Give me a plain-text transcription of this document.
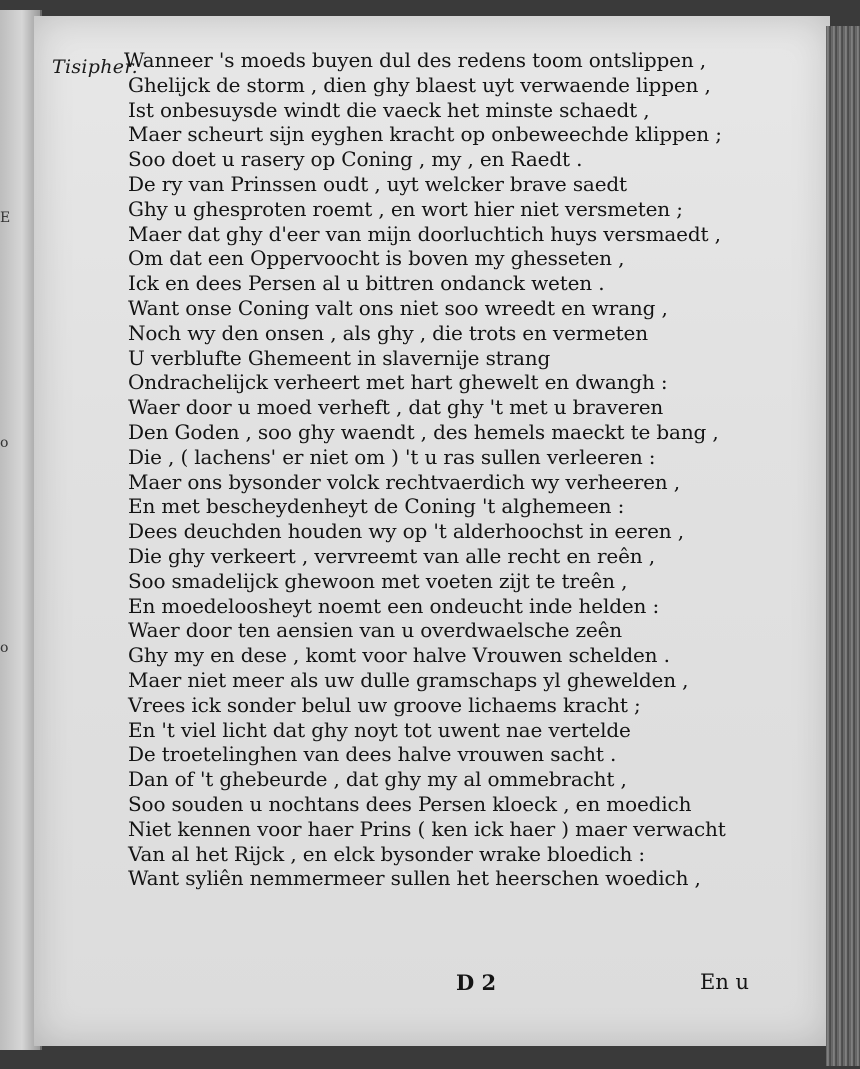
E
o
o
Tisipher.
Wanneer 's moeds buyen dul des redens toom ontslippen ,
Ghelijck de storm , dien ghy blaest uyt verwaende lippen ,
Ist onbesuysde windt die vaeck het minste schaedt ,
Maer scheurt sijn eyghen kracht op onbeweechde klippen ;
Soo doet u rasery op Coning , my , en Raedt .
De ry van Prinssen oudt , uyt welcker brave saedt
Ghy u ghesproten roemt , en wort hier niet versmeten ;
Maer dat ghy d'eer van mijn doorluchtich huys versmaedt ,
Om dat een Oppervoocht is boven my ghesseten ,
Ick en dees Persen al u bittren ondanck weten .
Want onse Coning valt ons niet soo wreedt en wrang ,
Noch wy den onsen , als ghy , die trots en vermeten
U verblufte Ghemeent in slavernije strang
Ondrachelijck verheert met hart ghewelt en dwangh :
Waer door u moed verheft , dat ghy 't met u braveren
Den Goden , soo ghy waendt , des hemels maeckt te bang ,
Die , ( lachens' er niet om ) 't u ras sullen verleeren :
Maer ons bysonder volck rechtvaerdich wy verheeren ,
En met bescheydenheyt de Coning 't alghemeen :
Dees deuchden houden wy op 't alderhoochst in eeren ,
Die ghy verkeert , vervreemt van alle recht en reên ,
Soo smadelijck ghewoon met voeten zijt te treên ,
En moedeloosheyt noemt een ondeucht inde helden :
Waer door ten aensien van u overdwaelsche zeên
Ghy my en dese , komt voor halve Vrouwen schelden .
Maer niet meer als uw dulle gramschaps yl ghewelden ,
Vrees ick sonder belul uw groove lichaems kracht ;
En 't viel licht dat ghy noyt tot uwent nae vertelde
De troetelinghen van dees halve vrouwen sacht .
Dan of 't ghebeurde , dat ghy my al ommebracht ,
Soo souden u nochtans dees Persen kloeck , en moedich
Niet kennen voor haer Prins ( ken ick haer ) maer verwacht
Van al het Rijck , en elck bysonder wrake bloedich :
Want syliên nemmermeer sullen het heerschen woedich ,
D 2	En u
